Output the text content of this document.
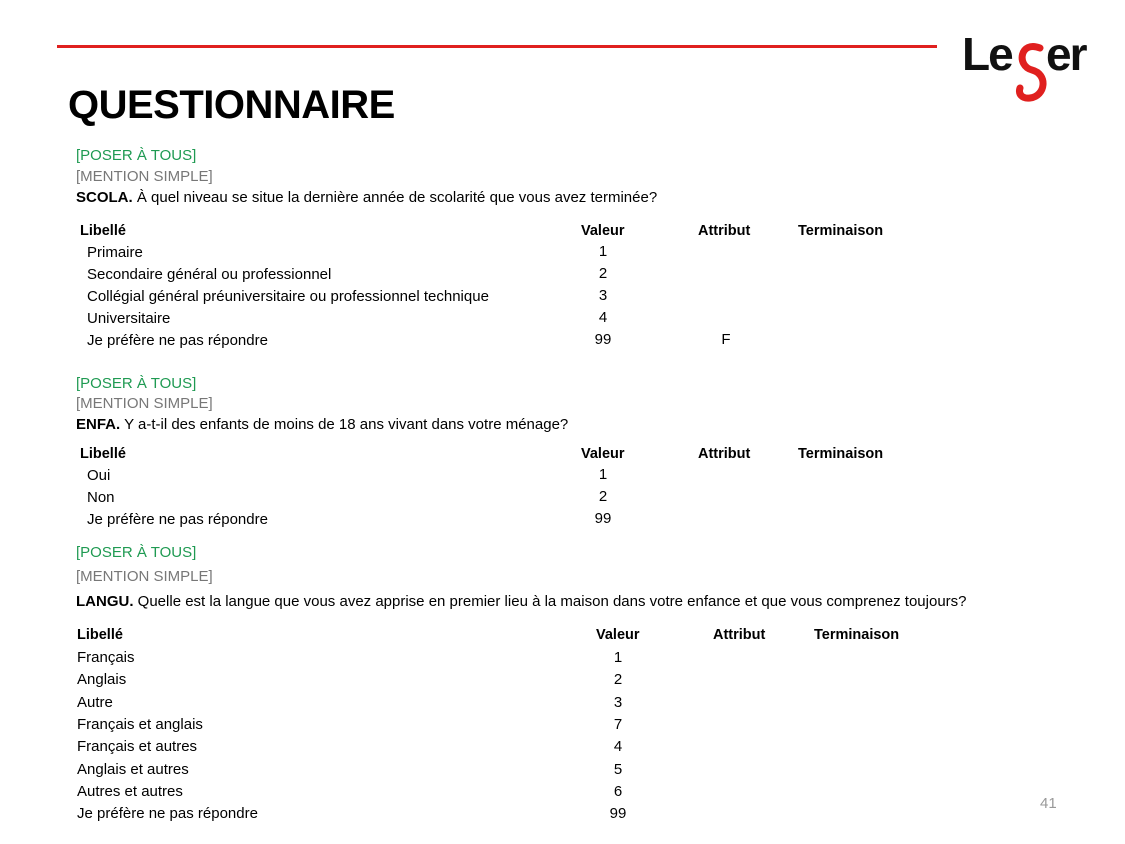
Le er
QUESTIONNAIRE
[POSER À TOUS]
[MENTION SIMPLE]
SCOLA. À quel niveau se situe la dernière année de scolarité que vous avez terminée?
Libellé	Valeur	Attribut	Terminaison
Primaire	1
Secondaire général ou professionnel	2
Collégial général préuniversitaire ou professionnel technique	3
Universitaire	4
Je préfère ne pas répondre	99	F
[POSER À TOUS]
[MENTION SIMPLE]
ENFA. Y a-t-il des enfants de moins de 18 ans vivant dans votre ménage?
Libellé	Valeur	Attribut	Terminaison
Oui	1
Non	2
Je préfère ne pas répondre	99
[POSER À TOUS]
[MENTION SIMPLE]
LANGU. Quelle est la langue que vous avez apprise en premier lieu à la maison dans votre enfance et que vous comprenez toujours?
Libellé	Valeur	Attribut	Terminaison
Français	1
Anglais	2
Autre	3
Français et anglais	7
Français et autres	4
Anglais et autres	5
Autres et autres	6
Je préfère ne pas répondre	99
41
